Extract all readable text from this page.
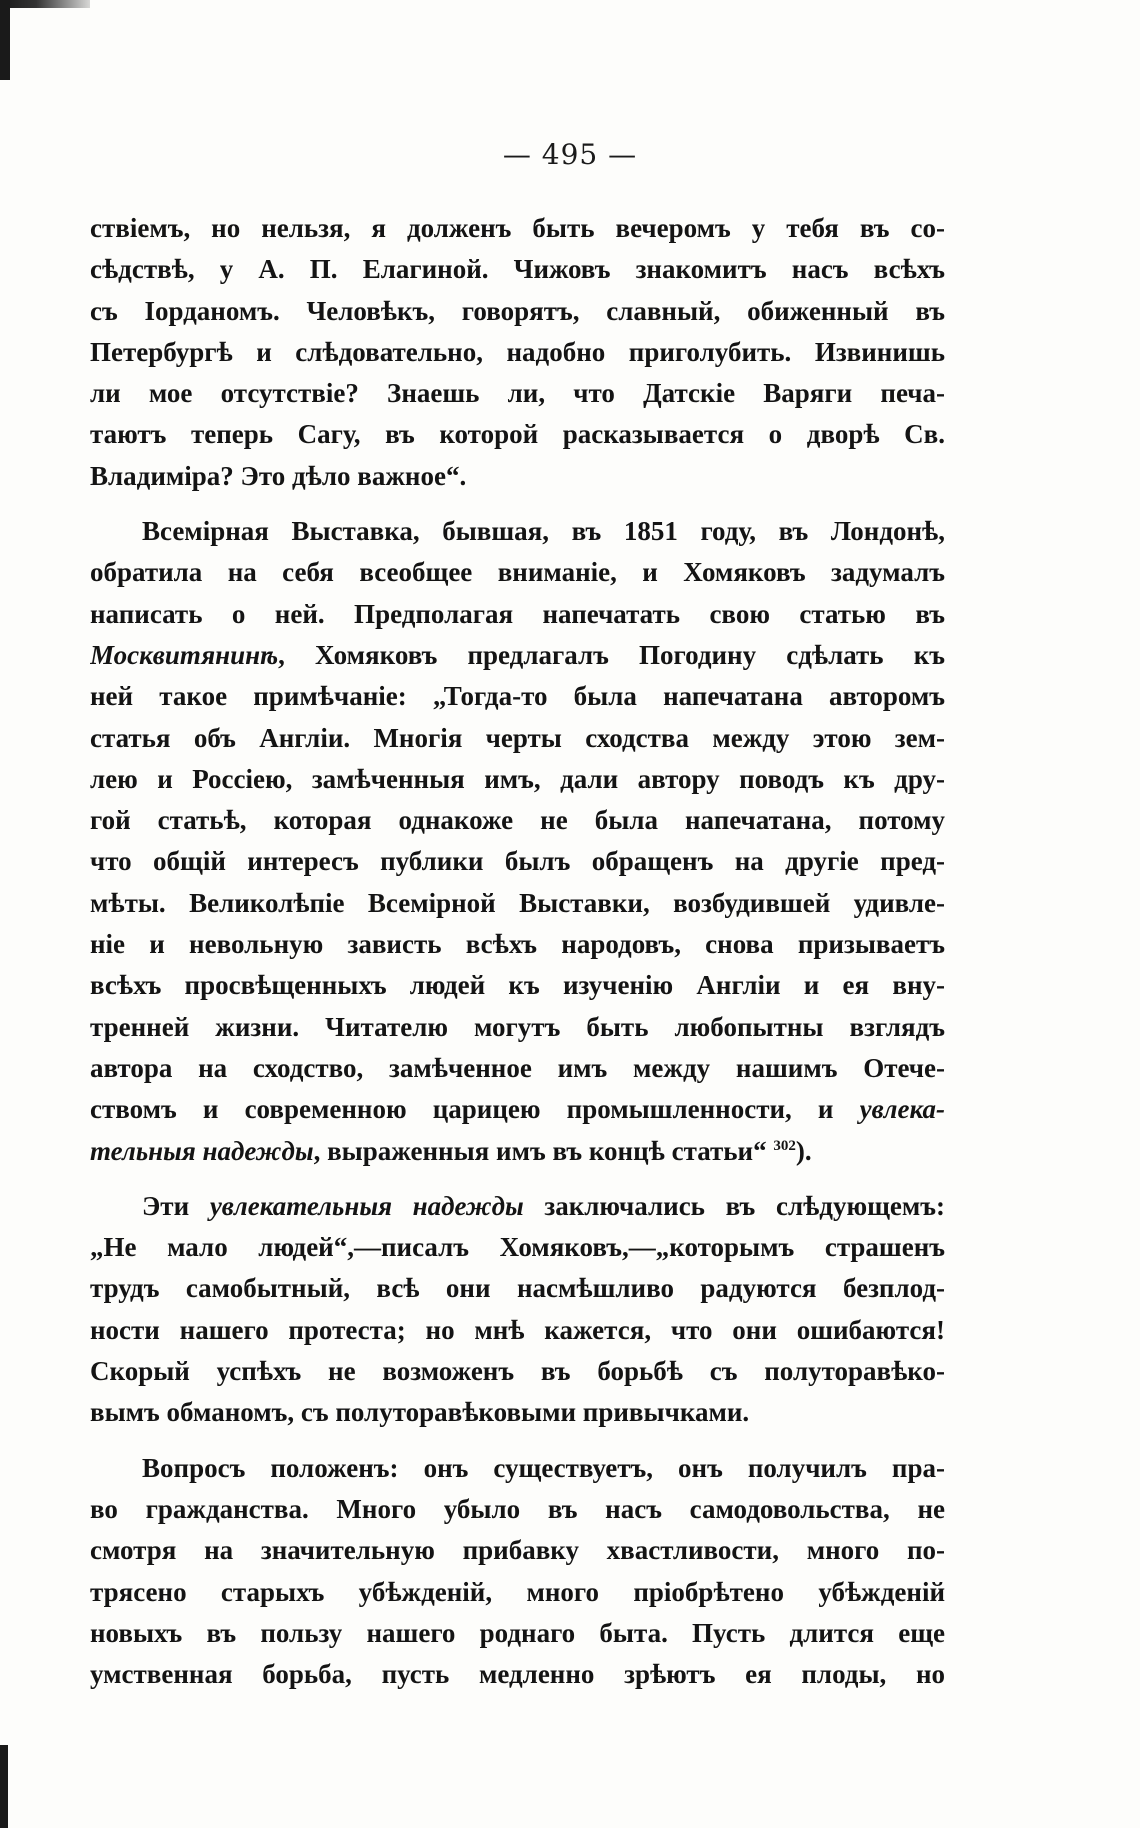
— 495 —
ствіемъ, но нельзя, я долженъ быть вечеромъ у тебя въ со-
сѣдствѣ, у А. П. Елагиной. Чижовъ знакомитъ насъ всѣхъ
съ Іорданомъ. Человѣкъ, говорятъ, славный, обиженный въ
Петербургѣ и слѣдовательно, надобно приголубить. Извинишь
ли мое отсутствіе? Знаешь ли, что Датскіе Варяги печа-
таютъ теперь Сагу, въ которой расказывается о дворѣ Св.
Владиміра? Это дѣло важное“.
Всемірная Выставка, бывшая, въ 1851 году, въ Лондонѣ,
обратила на себя всеобщее вниманіе, и Хомяковъ задумалъ
написать о ней. Предполагая напечатать свою статью въ
Москвитянинѣ, Хомяковъ предлагалъ Погодину сдѣлать къ
ней такое примѣчаніе: „Тогда-то была напечатана авторомъ
статья объ Англіи. Многія черты сходства между этою зем-
лею и Россіею, замѣченныя имъ, дали автору поводъ къ дру-
гой статьѣ, которая однакоже не была напечатана, потому
что общій интересъ публики былъ обращенъ на другіе пред-
мѣты. Великолѣпіе Всемірной Выставки, возбудившей удивле-
ніе и невольную зависть всѣхъ народовъ, снова призываетъ
всѣхъ просвѣщенныхъ людей къ изученію Англіи и ея вну-
тренней жизни. Читателю могутъ быть любопытны взглядъ
автора на сходство, замѣченное имъ между нашимъ Отече-
ствомъ и современною царицею промышленности, и увлека-
тельныя надежды, выраженныя имъ въ концѣ статьи“ $^{302}$).
Эти увлекательныя надежды заключались въ слѣдующемъ:
„Не мало людей“,—писалъ Хомяковъ,—„которымъ страшенъ
трудъ самобытный, всѣ они насмѣшливо радуются безплод-
ности нашего протеста; но мнѣ кажется, что они ошибаются!
Скорый успѣхъ не возможенъ въ борьбѣ съ полуторавѣко-
вымъ обманомъ, съ полуторавѣковыми привычками.
Вопросъ положенъ: онъ существуетъ, онъ получилъ пра-
во гражданства. Много убыло въ насъ самодовольства, не
смотря на значительную прибавку хвастливости, много по-
трясено старыхъ убѣжденій, много пріобрѣтено убѣжденій
новыхъ въ пользу нашего роднаго быта. Пусть длится еще
умственная борьба, пусть медленно зрѣютъ ея плоды, но
